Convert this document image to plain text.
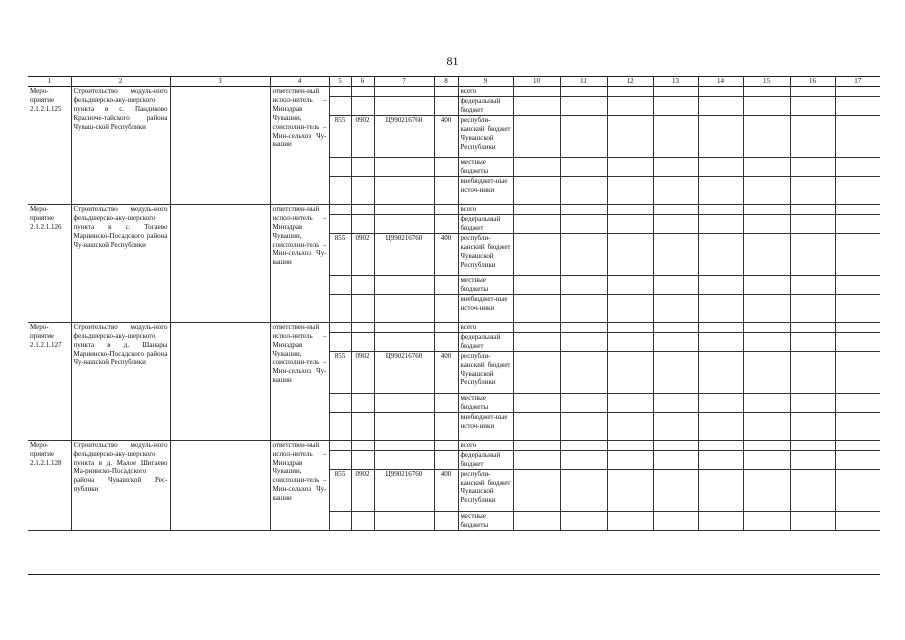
81
1	2	3	4	5	6	7	8	9	10	11	12	13	14	15	16	17
Меро-приятие 2.1.2.1.125	Строительство модуль-ного фельдшерско-аку-шерского пункта в с. Пандиково Красноче-тайского района Чуваш-ской Республики		ответствен-ный испол-нитель – Минздрав Чувашии, соисполни-тель – Мин-сельхоз Чу-вашии					всего								
								федеральный бюджет								
				855	0902	Ц990216760	400	республи-канский бюджет Чувашской Республики								
								местные бюджеты								
								внебюджет-ные источ-ники								
Меро-приятие 2.1.2.1.126	Строительство модуль-ного фельдшерско-аку-шерского пункта в с. Тогаево Мариинско-Посадского района Чу-вашской Республики		ответствен-ный испол-нитель – Минздрав Чувашии, соисполни-тель – Мин-сельхоз Чу-вашии					всего								
								федеральный бюджет								
				855	0902	Ц990216760	400	республи-канский бюджет Чувашской Республики								
								местные бюджеты								
								внебюджет-ные источ-ники								
Меро-приятие 2.1.2.1.127	Строительство модуль-ного фельдшерско-аку-шерского пункта в д. Шанары Мариинско-Посадского района Чу-вашской Республики		ответствен-ный испол-нитель – Минздрав Чувашии, соисполни-тель – Мин-сельхоз Чу-вашии					всего								
								федеральный бюджет								
				855	0902	Ц990216760	400	республи-канский бюджет Чувашской Республики								
								местные бюджеты								
								внебюджет-ные источ-ники								
Меро-приятие 2.1.2.1.128	Строительство модуль-ного фельдшерско-аку-шерского пункта в д. Малое Шигаево Ма-риинско-Посадского района Чувашской Рес-публики		ответствен-ный испол-нитель – Минздрав Чувашии, соисполни-тель – Мин-сельхоз Чу-вашии					всего								
								федеральный бюджет								
				855	0902	Ц990216760	400	республи-канский бюджет Чувашской Республики								
								местные бюджеты								
